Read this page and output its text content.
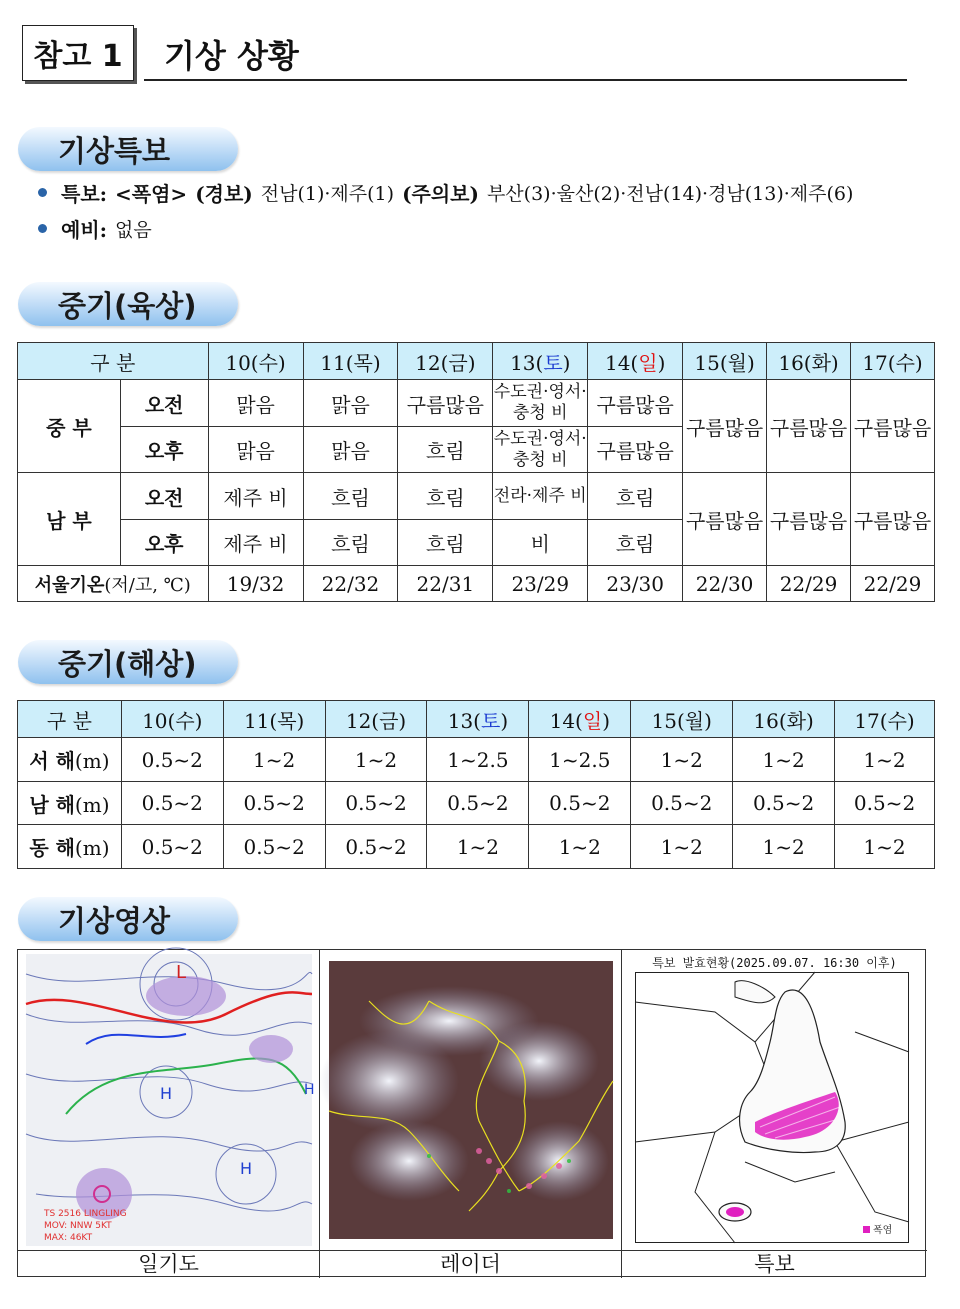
참고 1	기상 상황
기상특보
특보: <폭염> (경보) 전남(1)·제주(1) (주의보) 부산(3)·울산(2)·전남(14)·경남(13)·제주(6)
예비: 없음
중기(육상)
구 분		10(수)	11(목)	12(금)	13(토)	14(일)	15(월)	16(화)	17(수)
중 부	오전	맑음	맑음	구름많음	수도권·영서· 충청 비	구름많음	구름많음	구름많음	구름많음
	오후	맑음	맑음	흐림	수도권·영서· 충청 비	구름많음			
남 부	오전	제주 비	흐림	흐림	전라·제주 비	흐림	구름많음	구름많음	구름많음
	오후	제주 비	흐림	흐림	비	흐림			
서울기온(저/고, ℃)		19/32	22/32	22/31	23/29	23/30	22/30	22/29	22/29
중기(해상)
구 분	10(수)	11(목)	12(금)	13(토)	14(일)	15(월)	16(화)	17(수)
서 해(m)	0.5~2	1~2	1~2	1~2.5	1~2.5	1~2	1~2	1~2
남 해(m)	0.5~2	0.5~2	0.5~2	0.5~2	0.5~2	0.5~2	0.5~2	0.5~2
동 해(m)	0.5~2	0.5~2	0.5~2	1~2	1~2	1~2	1~2	1~2
기상영상
L
H
H
H
TS 2516 LINGLING
MOV: NNW 5KT
MAX: 46KT
일기도	레이더
특보 발효현황(2025.09.07. 16:30 이후)
폭염
특보
